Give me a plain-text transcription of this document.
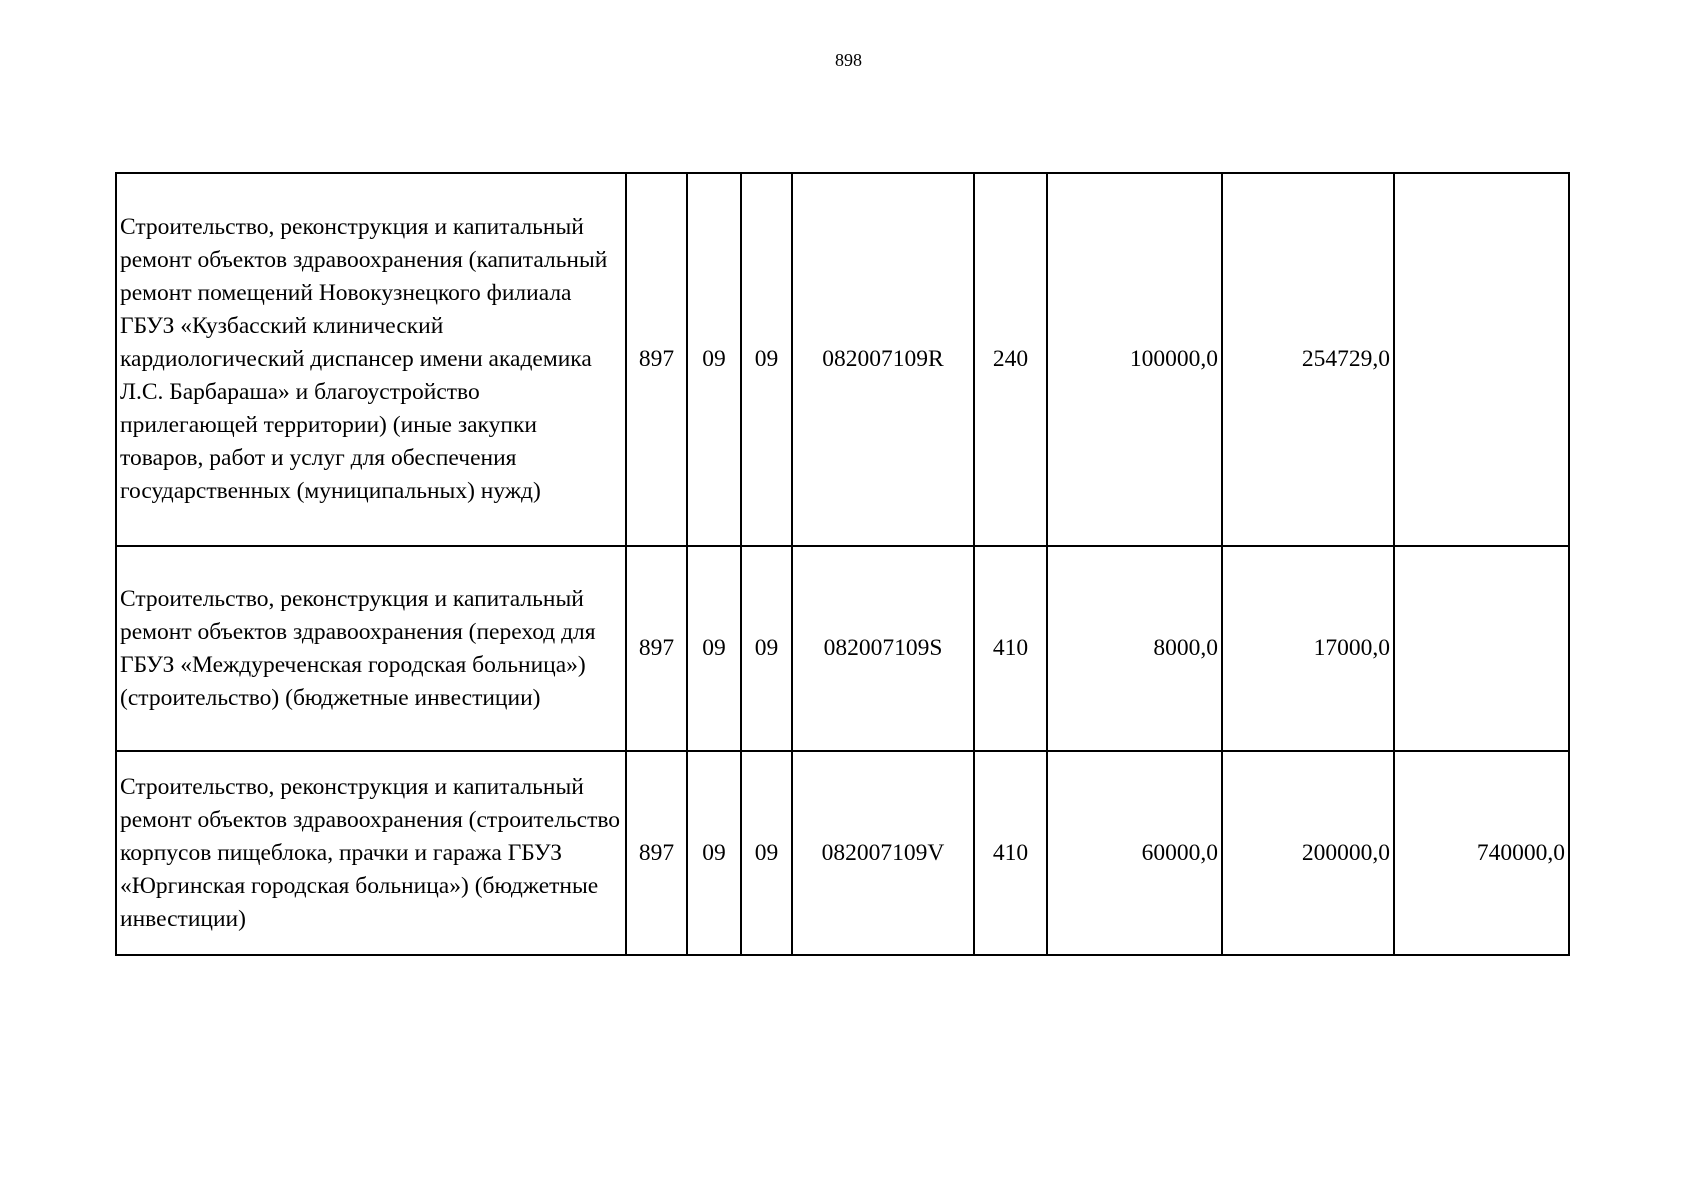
898
Строительство, реконструкция и капитальный ремонт объектов здравоохранения (капитальный ремонт помещений Новокузнецкого филиала ГБУЗ «Кузбасский клинический кардиологический диспансер имени академика Л.С. Барбараша» и благоустройство прилегающей территории) (иные закупки товаров, работ и услуг для обеспечения государственных (муниципальных) нужд)	897	09	09	082007109R	240	100000,0	254729,0	
Строительство, реконструкция и капитальный ремонт объектов здравоохранения (переход для ГБУЗ «Междуреченская городская больница») (строительство) (бюджетные инвестиции)	897	09	09	082007109S	410	8000,0	17000,0	
Строительство, реконструкция и капитальный ремонт объектов здравоохранения (строительство корпусов пищеблока, прачки и гаража ГБУЗ «Юргинская городская больница») (бюджетные инвестиции)	897	09	09	082007109V	410	60000,0	200000,0	740000,0
